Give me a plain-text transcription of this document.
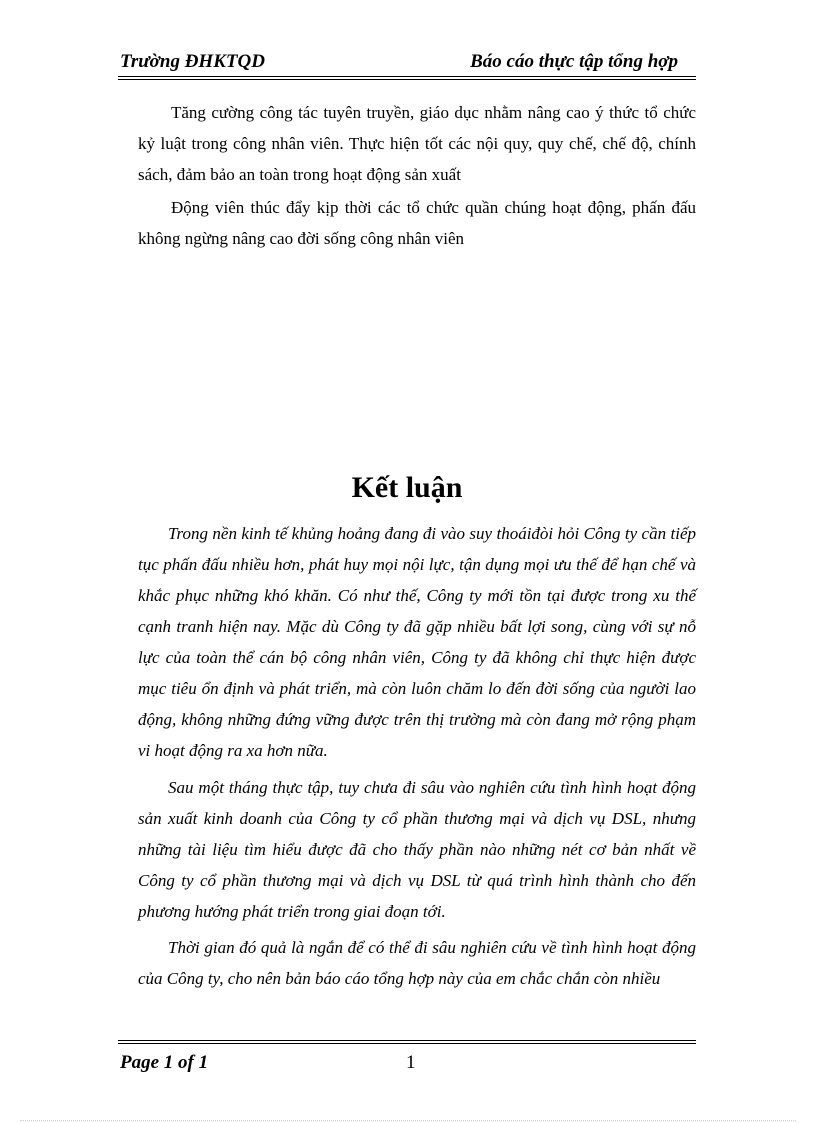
Trường ĐHKTQD	Báo cáo thực tập tổng hợp

Tăng cường công tác tuyên truyền, giáo dục nhằm nâng cao ý thức tổ chức kỷ luật trong công nhân viên. Thực hiện tốt các nội quy, quy chế, chế độ, chính sách, đảm bảo an toàn trong hoạt động sản xuất

Động viên thúc đẩy kịp thời các tổ chức quần chúng hoạt động, phấn đấu không ngừng nâng cao đời sống công nhân viên

Kết luận

Trong nền kinh tế khủng hoảng đang đi vào suy thoáiđòi hỏi Công ty cần tiếp tục phấn đấu nhiều hơn, phát huy mọi nội lực, tận dụng mọi ưu thế để hạn chế và khắc phục những khó khăn. Có như thế, Công ty mới tồn tại được trong xu thế cạnh tranh hiện nay. Mặc dù Công ty đã gặp nhiều bất lợi song, cùng với sự nỗ lực của toàn thể cán bộ công nhân viên, Công ty đã không chỉ thực hiện được mục tiêu ổn định và phát triển, mà còn luôn chăm lo đến đời sống của người lao động, không những đứng vững được trên thị trường mà còn đang mở rộng phạm vi hoạt động ra xa hơn nữa.

Sau một tháng thực tập, tuy chưa đi sâu vào nghiên cứu tình hình hoạt động sản xuất kinh doanh của Công ty cổ phần thương mại và dịch vụ DSL, nhưng những tài liệu tìm hiểu được đã cho thấy phần nào những nét cơ bản nhất về Công ty cổ phần thương mại và dịch vụ DSL từ quá trình hình thành cho đến phương hướng phát triển trong giai đoạn tới.

Thời gian đó quả là ngắn để có thể đi sâu nghiên cứu về tình hình hoạt động của Công ty, cho nên bản báo cáo tổng hợp này của em chắc chắn còn nhiều

Page 1 of 1	1
